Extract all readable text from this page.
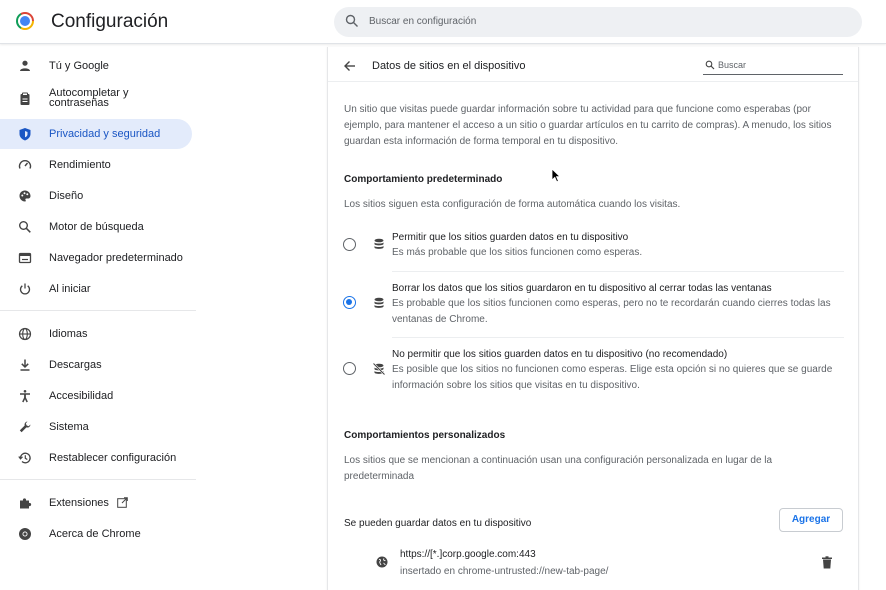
Configuración	Buscar en configuración
Tú y Google
Autocompletar y contraseñas
Privacidad y seguridad
Rendimiento
Diseño
Motor de búsqueda
Navegador predeterminado
Al iniciar
Idiomas
Descargas
Accesibilidad
Sistema
Restablecer configuración
Extensiones
Acerca de Chrome
Datos de sitios en el dispositivo	Buscar
Un sitio que visitas puede guardar información sobre tu actividad para que funcione como esperabas (por ejemplo, para mantener el acceso a un sitio o guardar artículos en tu carrito de compras). A menudo, los sitios guardan esta información de forma temporal en tu dispositivo.
Comportamiento predeterminado
Los sitios siguen esta configuración de forma automática cuando los visitas.
Permitir que los sitios guarden datos en tu dispositivo
Es más probable que los sitios funcionen como esperas.
Borrar los datos que los sitios guardaron en tu dispositivo al cerrar todas las ventanas
Es probable que los sitios funcionen como esperas, pero no te recordarán cuando cierres todas las ventanas de Chrome.
No permitir que los sitios guarden datos en tu dispositivo (no recomendado)
Es posible que los sitios no funcionen como esperas. Elige esta opción si no quieres que se guarde información sobre los sitios que visitas en tu dispositivo.
Comportamientos personalizados
Los sitios que se mencionan a continuación usan una configuración personalizada en lugar de la predeterminada
Se pueden guardar datos en tu dispositivo	Agregar
https://[*.]corp.google.com:443
insertado en chrome-untrusted://new-tab-page/
